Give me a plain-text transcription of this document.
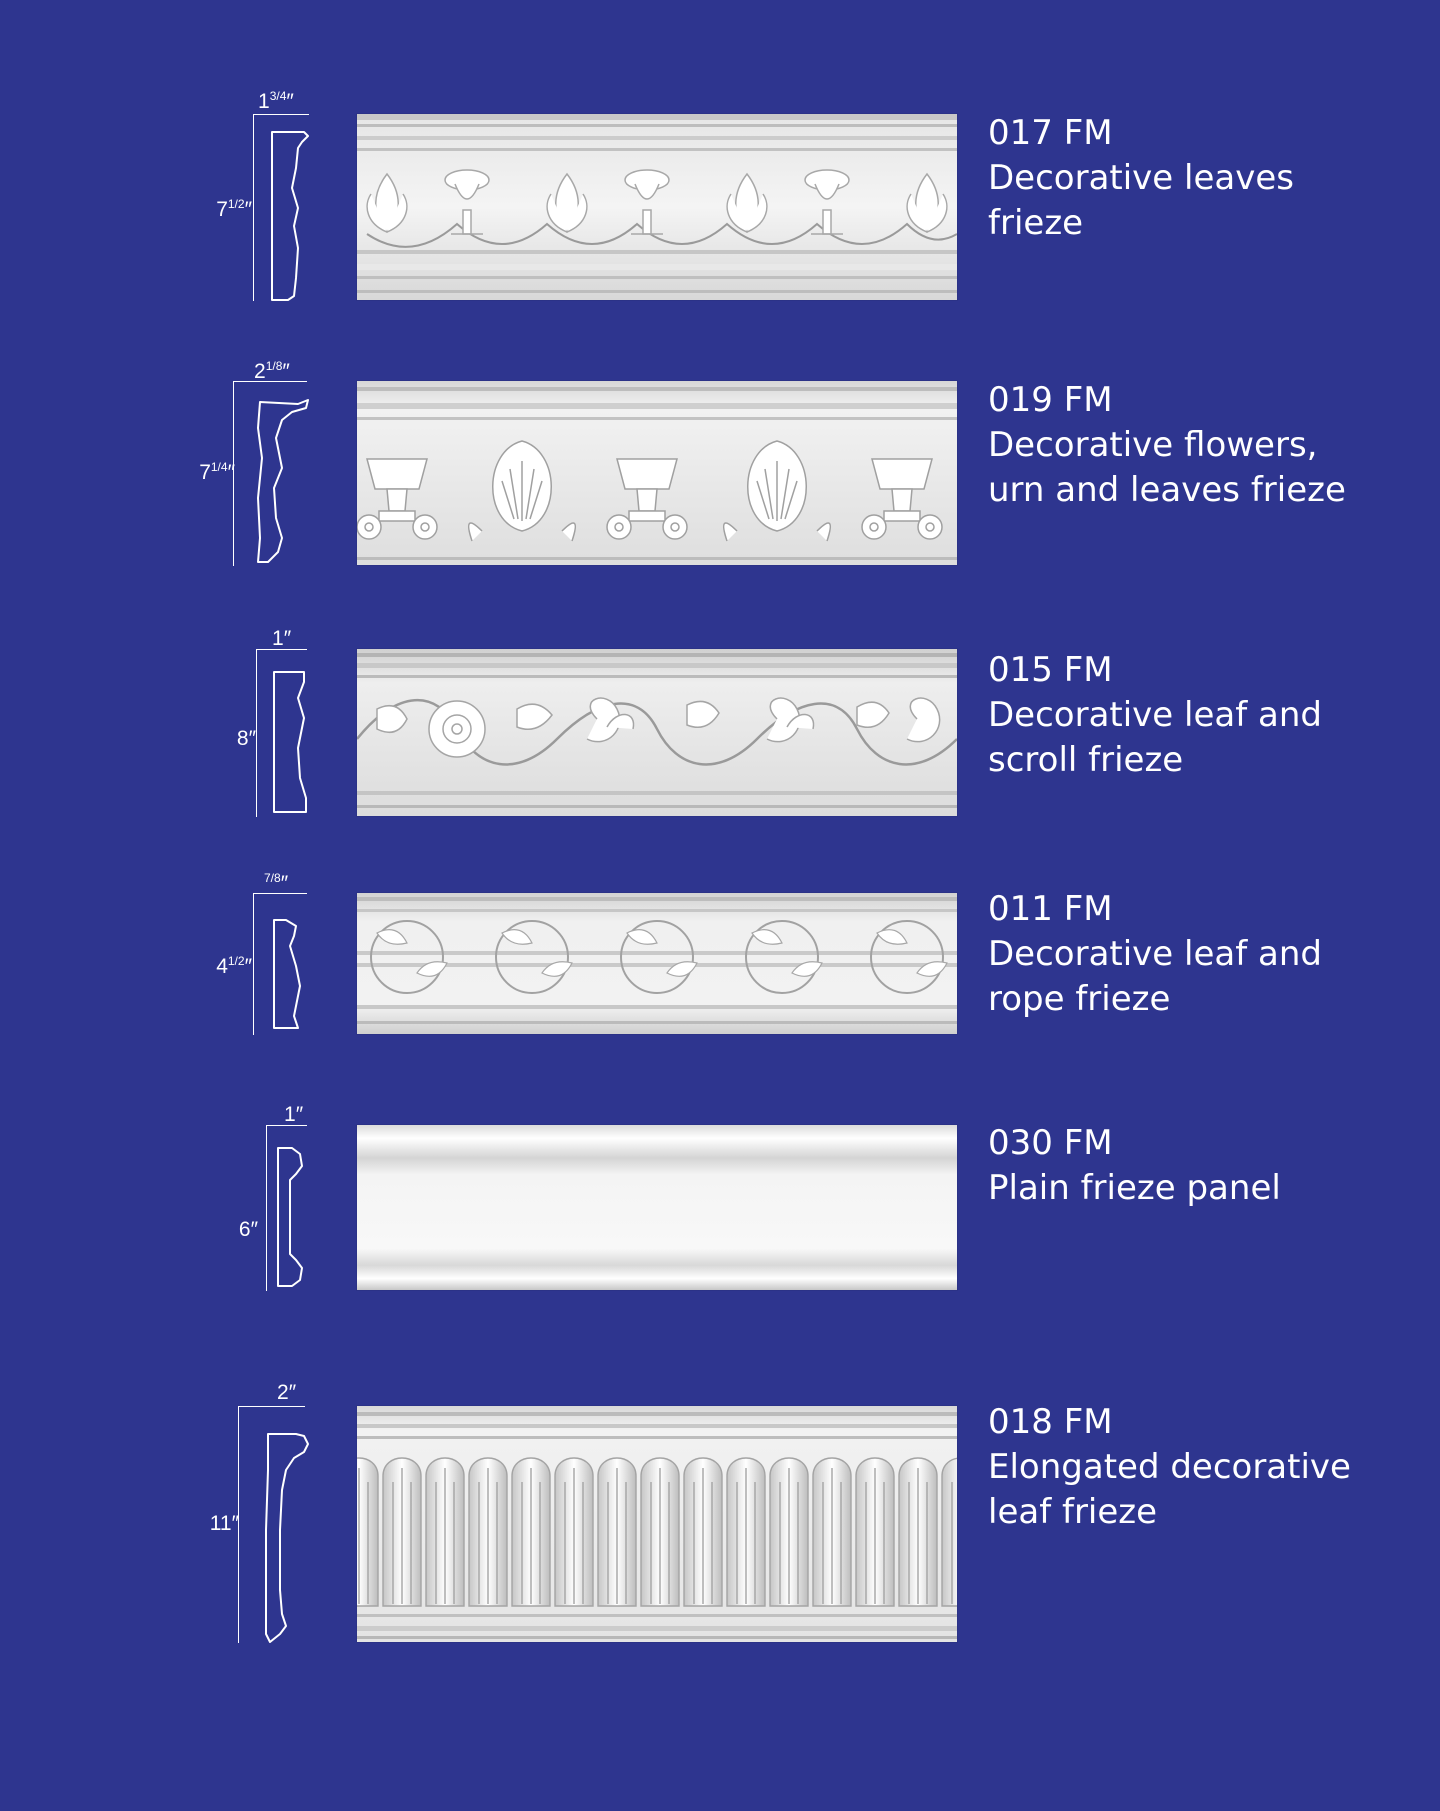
$1^{3/4}''$
$7^{1/2}''$
017 FM
Decorative leaves frieze
$2^{1/8}''$
$7^{1/4}''$
019 FM
Decorative flowers, urn and leaves frieze
1″
8″
015 FM
Decorative leaf and scroll frieze
$^{7/8}$″
$4^{1/2}''$
011 FM
Decorative leaf and rope frieze
1″
6″
030 FM
Plain frieze panel
2″
11″
018 FM
Elongated decorative leaf frieze
